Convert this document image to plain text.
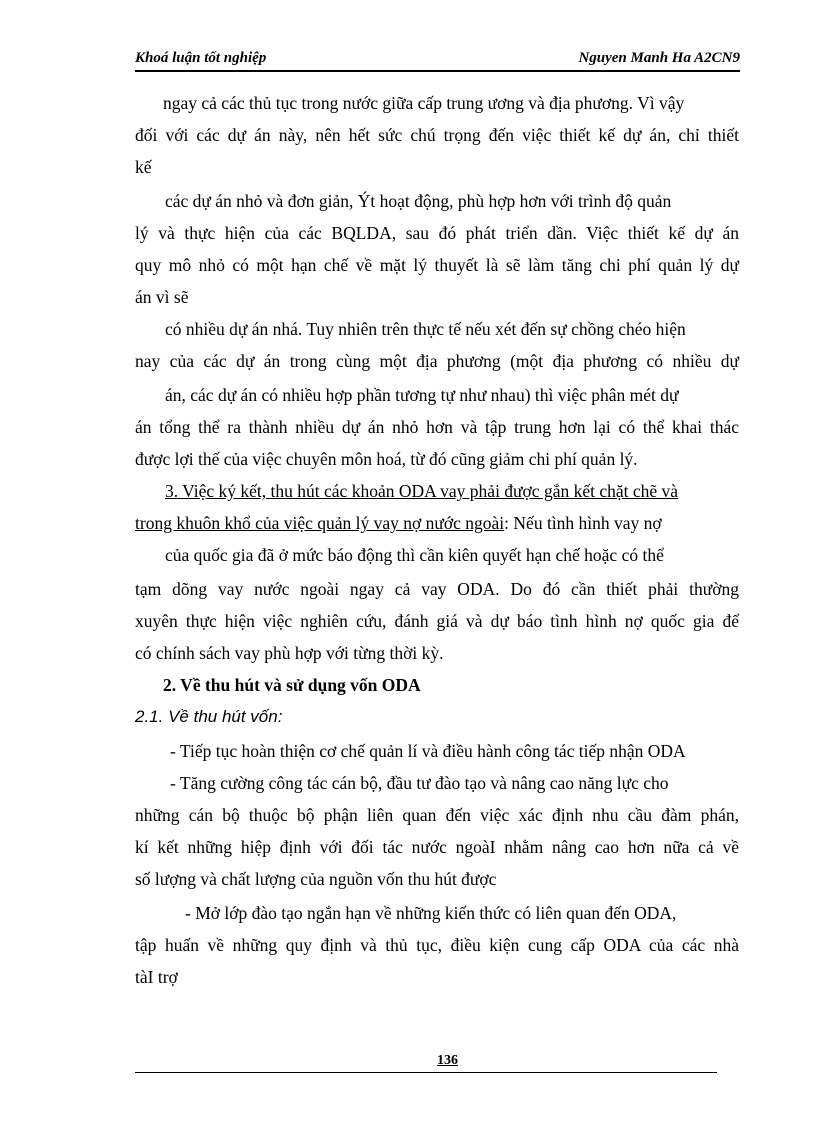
Khoá luận tốt nghiệp	Nguyen Manh Ha A2CN9
ngay cả các thủ tục trong nước giữa cấp trung ương và địa phương. Vì vậy
đối với các dự án này, nên hết sức chú trọng đến việc thiết kế dự án, chỉ thiết
kế
các dự án nhỏ và đơn giản, Ýt hoạt động, phù hợp hơn với trình độ quản
lý và thực hiện của các BQLDA, sau đó phát triển dần. Việc thiết kế dự án
quy mô nhỏ có một hạn chế về mặt lý thuyết là sẽ làm tăng chi phí quản lý dự
án vì sẽ
có nhiều dự án nhá. Tuy nhiên trên thực tế nếu xét đến sự chồng chéo hiện
nay của các dự án trong cùng một địa phương (một địa phương có nhiều dự
án, các dự án có nhiều hợp phần tương tự như nhau) thì việc phân mét dự
án tổng thể ra thành nhiều dự án nhỏ hơn và tập trung hơn lại có thể khai thác
được lợi thế của việc chuyên môn hoá, từ đó cũng giảm chi phí quản lý.
3. Việc ký kết, thu hút các khoản ODA vay phải được gắn kết chặt chẽ và
trong khuôn khổ của việc quản lý vay nợ nước ngoài: Nếu tình hình vay nợ
của quốc gia đã ở mức báo động thì cần kiên quyết hạn chế hoặc có thể
tạm dõng vay nước ngoài ngay cả vay ODA. Do đó cần thiết phải thường
xuyên thực hiện việc nghiên cứu, đánh giá và dự báo tình hình nợ quốc gia để
có chính sách vay phù hợp với từng thời kỳ.
2. Về thu hút và sử dụng vốn ODA
2.1. Về thu hút vốn:
- Tiếp tục hoàn thiện cơ chế quản lí và điều hành công tác tiếp nhận ODA
- Tăng cường công tác cán bộ, đầu tư đào tạo và nâng cao năng lực cho
những cán bộ thuộc bộ phận liên quan đến việc xác định nhu cầu đàm phán,
kí kết những hiệp định với đối tác nước ngoàI nhằm nâng cao hơn nữa cả về
số lượng và chất lượng của nguồn vốn thu hút được
- Mở lớp đào tạo ngắn hạn về những kiến thức có liên quan đến ODA,
tập huấn về những quy định và thủ tục, điều kiện cung cấp ODA của các nhà
tàI trợ
136
